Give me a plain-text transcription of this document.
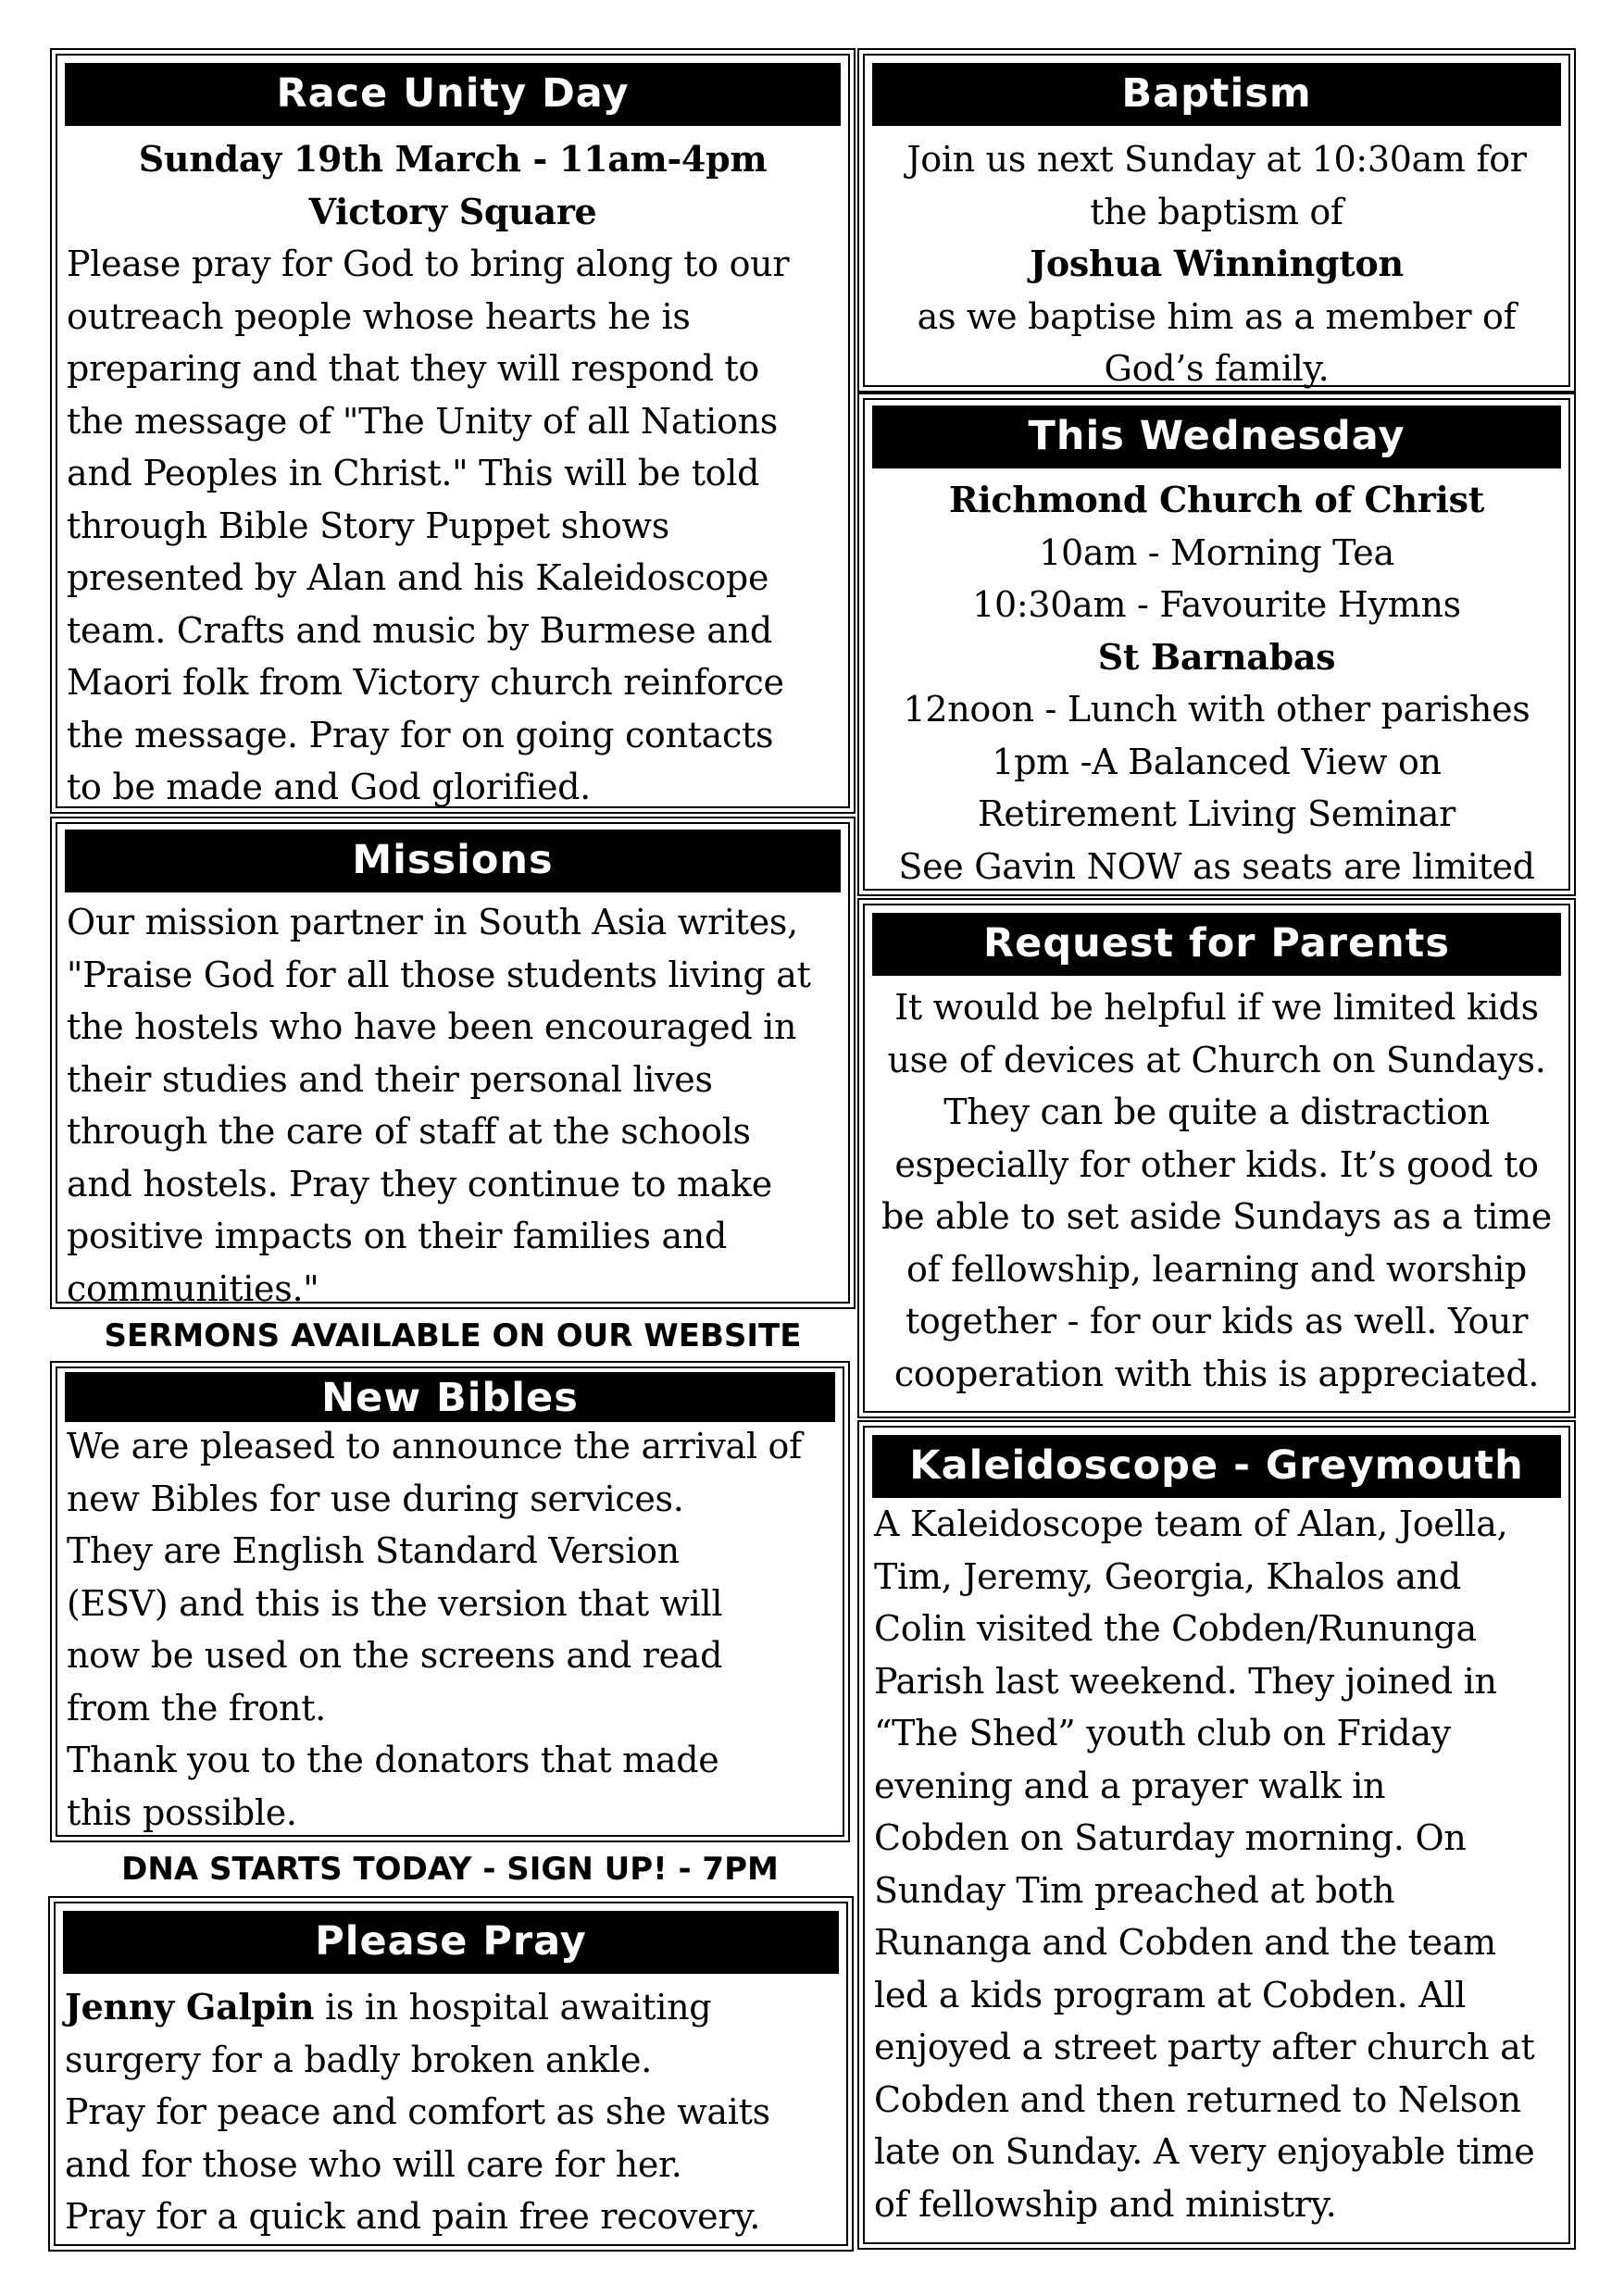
Race Unity Day

Sunday 19th March - 11am-4pm

Victory Square

Please pray for God to bring along to our

outreach people whose hearts he is

preparing and that they will respond to

the message of "The Unity of all Nations

and Peoples in Christ." This will be told

through Bible Story Puppet shows

presented by Alan and his Kaleidoscope

team. Crafts and music by Burmese and

Maori folk from Victory church reinforce

the message. Pray for on going contacts

to be made and God glorified.

Missions

Our mission partner in South Asia writes,

"Praise God for all those students living at

the hostels who have been encouraged in

their studies and their personal lives

through the care of staff at the schools

and hostels. Pray they continue to make

positive impacts on their families and

communities."

SERMONS AVAILABLE ON OUR WEBSITE
New Bibles

We are pleased to announce the arrival of

new Bibles for use during services.

They are English Standard Version

(ESV) and this is the version that will

now be used on the screens and read

from the front.

Thank you to the donators that made

this possible.

DNA STARTS TODAY - SIGN UP! - 7PM
Please Pray

Jenny Galpin is in hospital awaiting

surgery for a badly broken ankle.

Pray for peace and comfort as she waits

and for those who will care for her.

Pray for a quick and pain free recovery.

Baptism

Join us next Sunday at 10:30am for

the baptism of

Joshua Winnington

as we baptise him as a member of

God’s family.

This Wednesday

Richmond Church of Christ

10am - Morning Tea

10:30am - Favourite Hymns

St Barnabas

12noon - Lunch with other parishes

1pm -A Balanced View on

Retirement Living Seminar

See Gavin NOW as seats are limited

Request for Parents

It would be helpful if we limited kids

use of devices at Church on Sundays.

They can be quite a distraction

especially for other kids. It’s good to

be able to set aside Sundays as a time

of fellowship, learning and worship

together - for our kids as well. Your

cooperation with this is appreciated.

Kaleidoscope - Greymouth

A Kaleidoscope team of Alan, Joella,

Tim, Jeremy, Georgia, Khalos and

Colin visited the Cobden/Rununga

Parish last weekend. They joined in

“The Shed” youth club on Friday

evening and a prayer walk in

Cobden on Saturday morning. On

Sunday Tim preached at both

Runanga and Cobden and the team

led a kids program at Cobden. All

enjoyed a street party after church at

Cobden and then returned to Nelson

late on Sunday. A very enjoyable time

of fellowship and ministry.
